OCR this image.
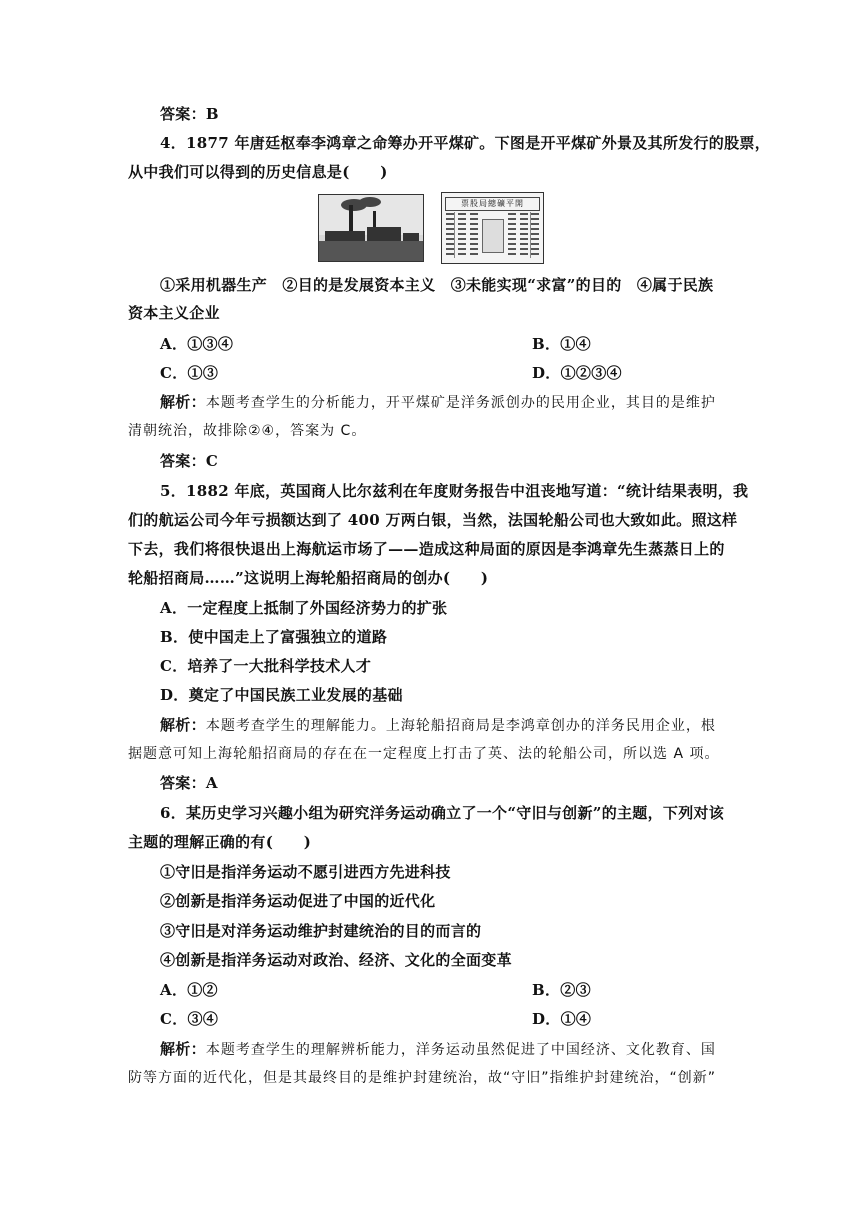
答案：B
4．1877 年唐廷枢奉李鸿章之命筹办开平煤矿。下图是开平煤矿外景及其所发行的股票，
从中我们可以得到的历史信息是(　　)
票股局總礦平開
①采用机器生产　②目的是发展资本主义　③未能实现“求富”的目的　④属于民族
资本主义企业
A．①③④	B．①④
C．①③	D．①②③④
解析：本题考查学生的分析能力，开平煤矿是洋务派创办的民用企业，其目的是维护
清朝统治，故排除②④，答案为 C。
答案：C
5．1882 年底，英国商人比尔兹利在年度财务报告中沮丧地写道：“统计结果表明，我
们的航运公司今年亏损额达到了 400 万两白银，当然，法国轮船公司也大致如此。照这样
下去，我们将很快退出上海航运市场了——造成这种局面的原因是李鸿章先生蒸蒸日上的
轮船招商局……”这说明上海轮船招商局的创办(　　)
A．一定程度上抵制了外国经济势力的扩张
B．使中国走上了富强独立的道路
C．培养了一大批科学技术人才
D．奠定了中国民族工业发展的基础
解析：本题考查学生的理解能力。上海轮船招商局是李鸿章创办的洋务民用企业，根
据题意可知上海轮船招商局的存在在一定程度上打击了英、法的轮船公司，所以选 A 项。
答案：A
6．某历史学习兴趣小组为研究洋务运动确立了一个“守旧与创新”的主题，下列对该
主题的理解正确的有(　　)
①守旧是指洋务运动不愿引进西方先进科技
②创新是指洋务运动促进了中国的近代化
③守旧是对洋务运动维护封建统治的目的而言的
④创新是指洋务运动对政治、经济、文化的全面变革
A．①②	B．②③
C．③④	D．①④
解析：本题考查学生的理解辨析能力，洋务运动虽然促进了中国经济、文化教育、国
防等方面的近代化，但是其最终目的是维护封建统治，故“守旧”指维护封建统治，“创新”
